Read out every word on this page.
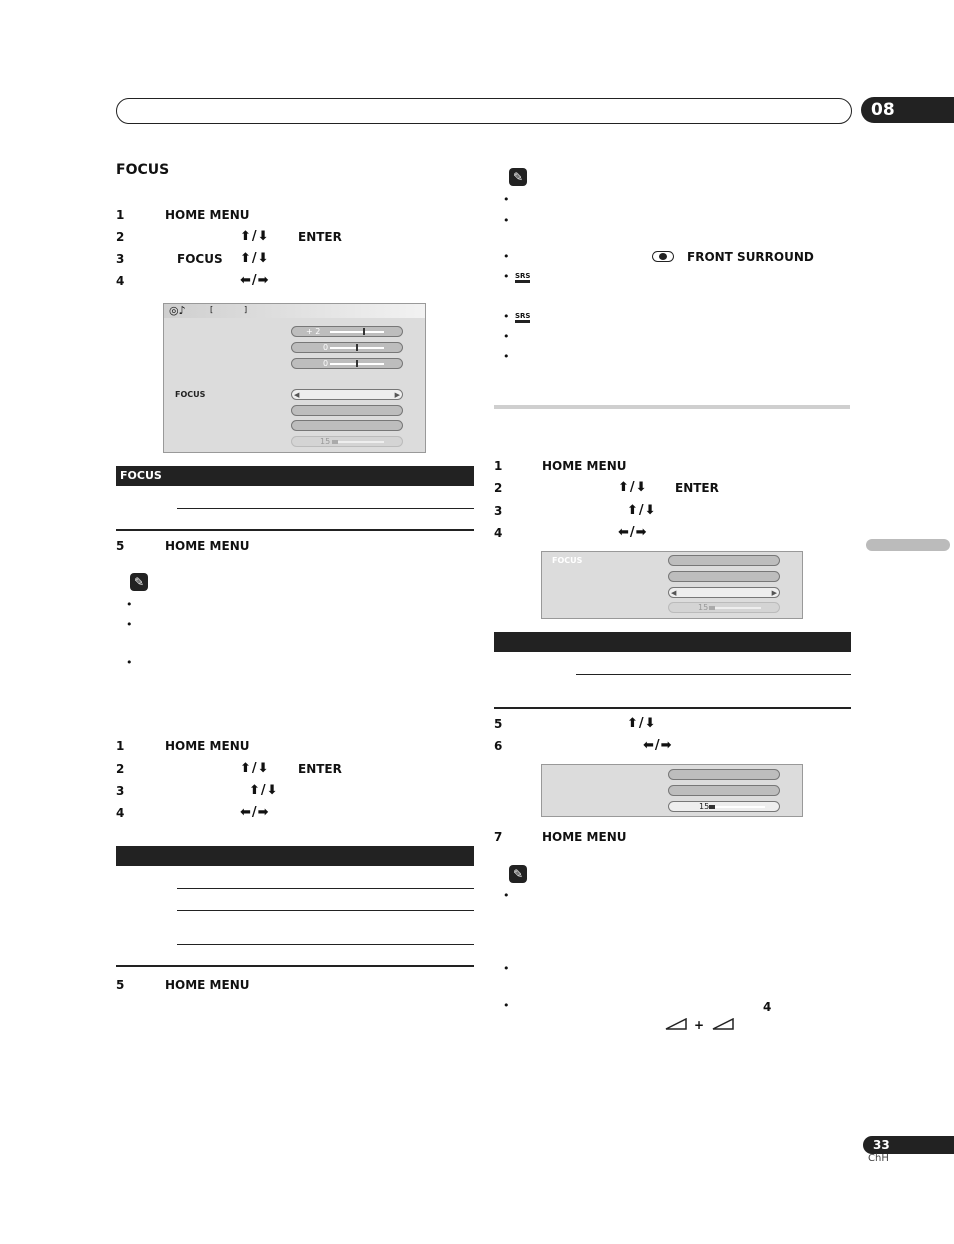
08
FOCUS
1	HOME MENU
2	⬆/⬇ ENTER
3	FOCUS ⬆/⬇
4	⬅/➡
◎♪	[	]
+ 2
0
0
FOCUS	◀	▶
15
FOCUS
5	HOME MENU
✎
•
•
•
1	HOME MENU
2	⬆/⬇ ENTER
3	⬆/⬇
4	⬅/➡
5	HOME MENU
✎
•
•
•	FRONT SURROUND
• SRS
• SRS
•
•
1	HOME MENU
2	⬆/⬇ ENTER
3	⬆/⬇
4	⬅/➡
FOCUS
◀	▶
15
5	⬆/⬇
6	⬅/➡
15
7	HOME MENU
✎
•
•
•	4
+
33
ChH
